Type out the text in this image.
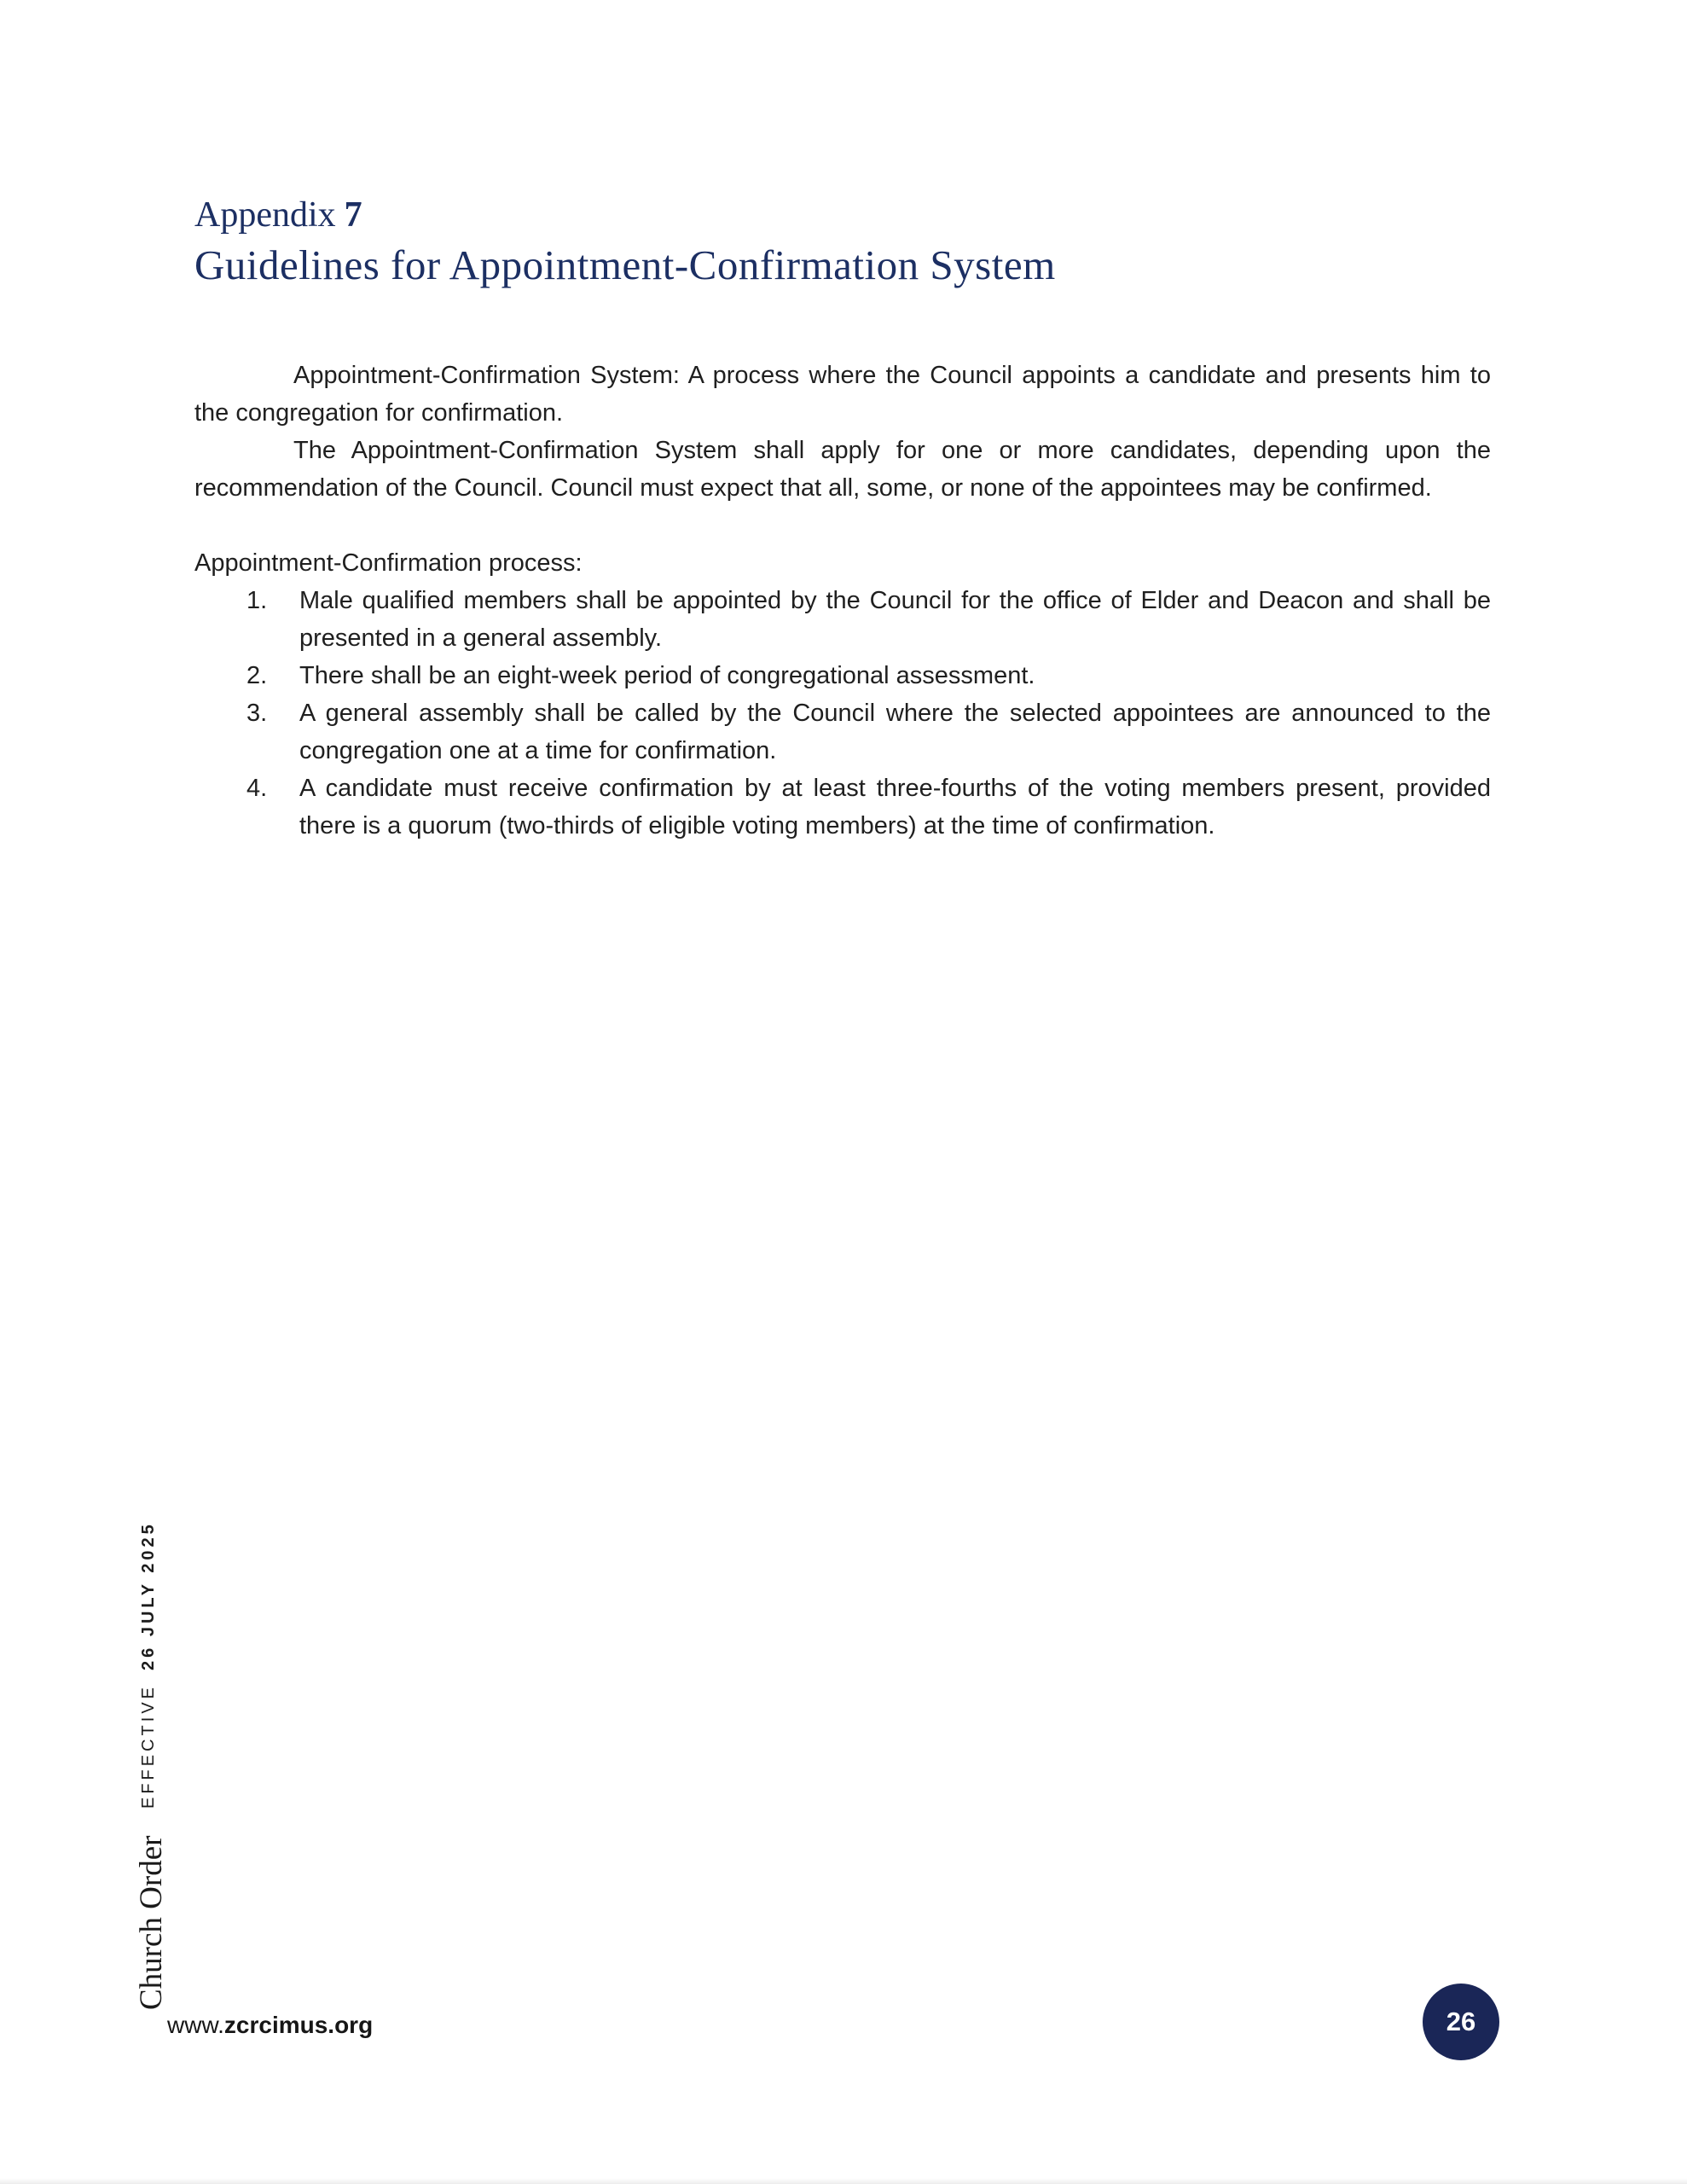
Appendix 7
Guidelines for Appointment-Confirmation System

Appointment-Confirmation System: A process where the Council appoints a candidate and presents him to the congregation for confirmation.

The Appointment-Confirmation System shall apply for one or more candidates, depending upon the recommendation of the Council. Council must expect that all, some, or none of the appointees may be confirmed.

Appointment-Confirmation process:

Male qualified members shall be appointed by the Council for the office of Elder and Deacon and shall be presented in a general assembly.
There shall be an eight-week period of congregational assessment.
A general assembly shall be called by the Council where the selected appointees are announced to the congregation one at a time for confirmation.
A candidate must receive confirmation by at least three-fourths of the voting members present, provided there is a quorum (two-thirds of eligible voting members) at the time of confirmation.
EFFECTIVE26 JULY 2025
Church Order
www.zcrcimus.org	26
